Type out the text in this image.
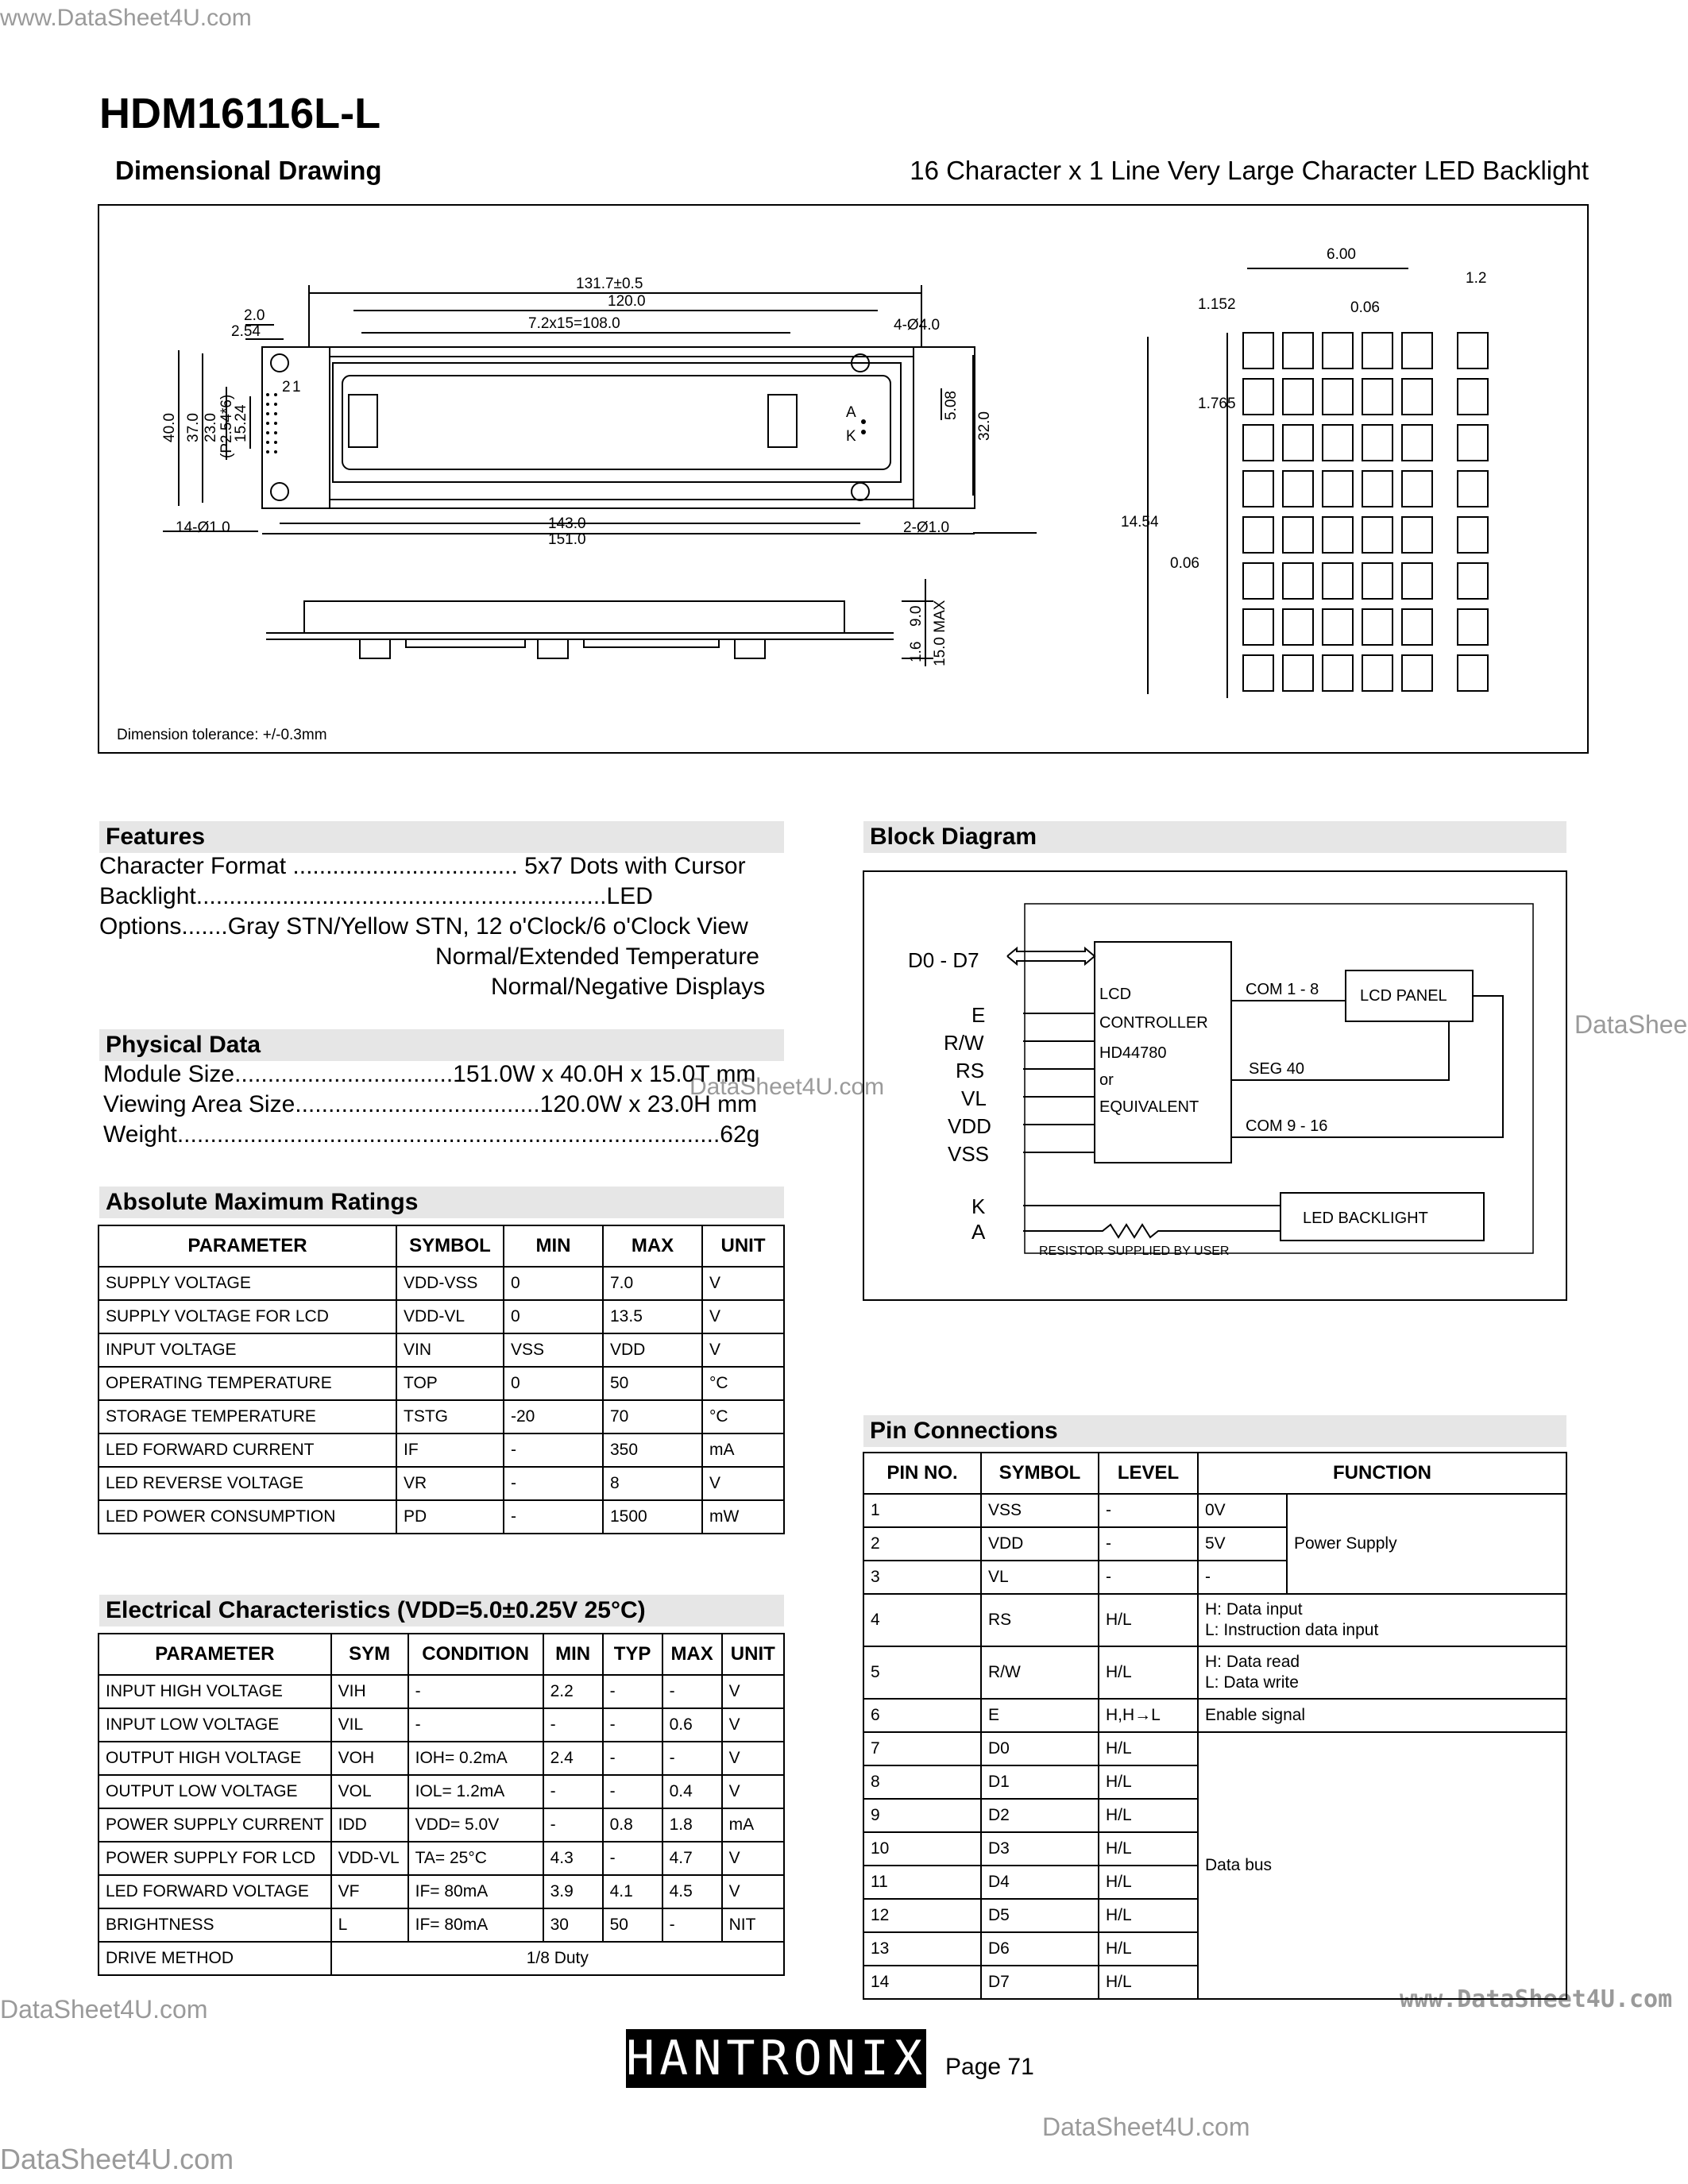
www.DataSheet4U.com
DataShee
DataSheet4U.com
DataSheet4U.com	www.DataSheet4U.com
DataSheet4U.com
DataSheet4U.com
HDM16116L-L
Dimensional Drawing	16 Character x 1 Line Very Large Character LED Backlight
131.7±0.5
120.0
7.2x15=108.0
2.0
2.54	4-Ø4.0
40.0 37.0 23.0 (P2.54*6)
15.24	5.08
32.0
A
K
2 1
14-Ø1.0	2-Ø1.0
143.0
151.0
9.0
1.6 15.0 MAX
6.00
1.2
1.152	0.06
1.765
14.54
0.06
Dimension tolerance: +/-0.3mm
Features
Character Format .................................. 5x7 Dots with Cursor
Backlight..............................................................LED
Options.......Gray STN/Yellow STN, 12 o'Clock/6 o'Clock View
Normal/Extended Temperature
Normal/Negative Displays
Physical Data
Module Size.................................151.0W x 40.0H x 15.0T mm
Viewing Area Size.....................................120.0W x 23.0H mm
Weight..................................................................................62g
Absolute Maximum Ratings
PARAMETER	SYMBOL	MIN	MAX	UNIT
SUPPLY VOLTAGE	VDD-VSS	0	7.0	V
SUPPLY VOLTAGE FOR LCD	VDD-VL	0	13.5	V
INPUT VOLTAGE	VIN	VSS	VDD	V
OPERATING TEMPERATURE	TOP	0	50	°C
STORAGE TEMPERATURE	TSTG	-20	70	°C
LED FORWARD CURRENT	IF	-	350	mA
LED REVERSE VOLTAGE	VR	-	8	V
LED POWER CONSUMPTION	PD	-	1500	mW
Electrical Characteristics (VDD=5.0±0.25V 25°C)
PARAMETER	SYM	CONDITION	MIN	TYP	MAX	UNIT
INPUT HIGH VOLTAGE	VIH	-	2.2	-	-	V
INPUT LOW VOLTAGE	VIL	-	-	-	0.6	V
OUTPUT HIGH VOLTAGE	VOH	IOH= 0.2mA	2.4	-	-	V
OUTPUT LOW VOLTAGE	VOL	IOL= 1.2mA	-	-	0.4	V
POWER SUPPLY CURRENT	IDD	VDD= 5.0V	-	0.8	1.8	mA
POWER SUPPLY FOR LCD	VDD-VL	TA= 25°C	4.3	-	4.7	V
LED FORWARD VOLTAGE	VF	IF= 80mA	3.9	4.1	4.5	V
BRIGHTNESS	L	IF= 80mA	30	50	-	NIT
DRIVE METHOD	1/8 Duty					
Block Diagram
D0 - D7
E
R/W
RS
VL
VDD
VSS
LCD
CONTROLLER
HD44780
or
EQUIVALENT
COM 1 - 8
SEG 40
COM 9 - 16
LCD PANEL
K
A
LED BACKLIGHT
RESISTOR SUPPLIED BY USER
Pin Connections
PIN NO.	SYMBOL	LEVEL	FUNCTION	
1	VSS	-	0V	Power Supply
2	VDD	-	5V	
3	VL	-	-	
4	RS	H/L	H: Data input
L: Instruction data input	

5	R/W	H/L	H: Data read
L: Data write	

6	E	H,H→L	Enable signal	
7	D0	H/L	Data bus	
8	D1	H/L		
9	D2	H/L		
10	D3	H/L		
11	D4	H/L		
12	D5	H/L		
13	D6	H/L		
14	D7	H/L		
HANTRONIX Page 71
